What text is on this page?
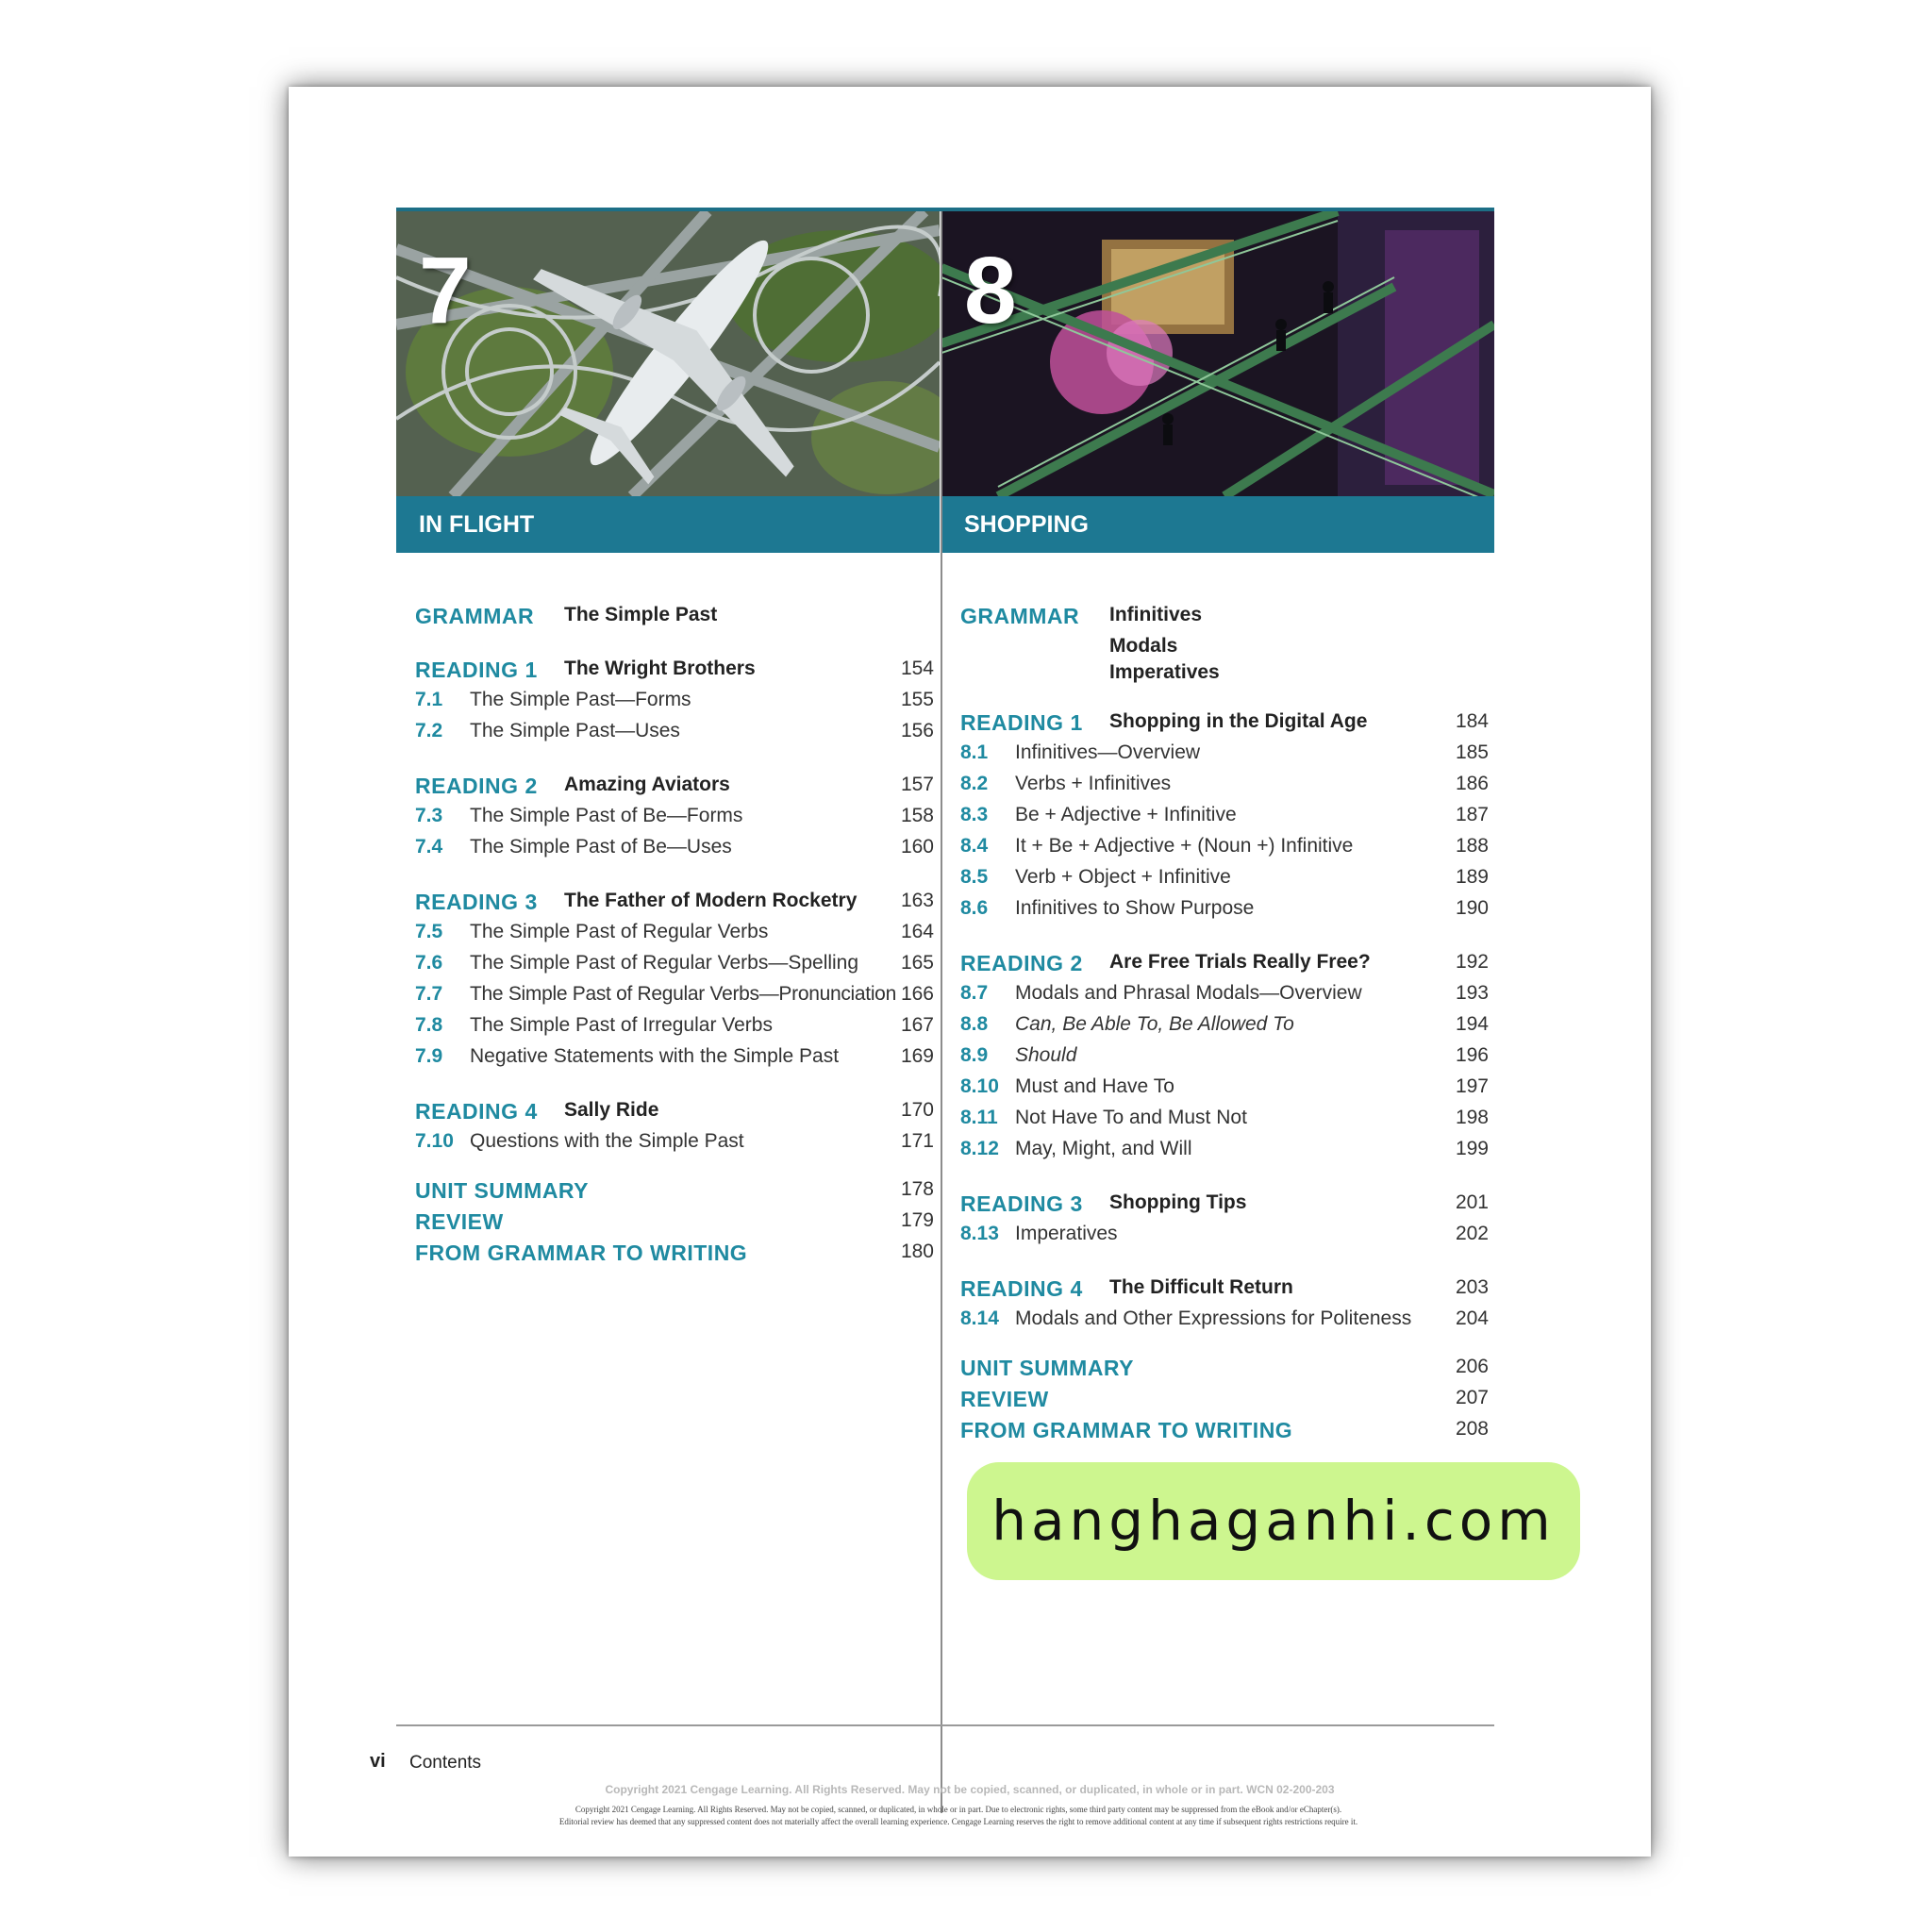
7
IN FLIGHT
8
SHOPPING
GRAMMAR The Simple Past
READING 1 The Wright Brothers	154
7.1 The Simple Past—Forms	155
7.2 The Simple Past—Uses	156
READING 2 Amazing Aviators	157
7.3 The Simple Past of Be—Forms	158
7.4 The Simple Past of Be—Uses	160
READING 3 The Father of Modern Rocketry 163
7.5 The Simple Past of Regular Verbs	164
7.6 The Simple Past of Regular Verbs—Spelling 165
7.7 The Simple Past of Regular Verbs—Pronunciation 166
7.8 The Simple Past of Irregular Verbs	167
7.9 Negative Statements with the Simple Past	169
READING 4 Sally Ride	170
7.10 Questions with the Simple Past	171
UNIT SUMMARY	178
REVIEW	179
FROM GRAMMAR TO WRITING	180
GRAMMAR Infinitives
Modals
Imperatives
READING 1 Shopping in the Digital Age	184
8.1 Infinitives—Overview	185
8.2 Verbs + Infinitives	186
8.3 Be + Adjective + Infinitive	187
8.4 It + Be + Adjective + (Noun +) Infinitive	188
8.5 Verb + Object + Infinitive	189
8.6 Infinitives to Show Purpose	190
READING 2 Are Free Trials Really Free?	192
8.7 Modals and Phrasal Modals—Overview	193
8.8 Can, Be Able To, Be Allowed To	194
8.9 Should	196
8.10 Must and Have To	197
8.11 Not Have To and Must Not	198
8.12 May, Might, and Will	199
READING 3 Shopping Tips	201
8.13 Imperatives	202
READING 4 The Difficult Return	203
8.14 Modals and Other Expressions for Politeness 204
UNIT SUMMARY	206
REVIEW	207
FROM GRAMMAR TO WRITING	208
vi Contents
Copyright 2021 Cengage Learning. All Rights Reserved. May not be copied, scanned, or duplicated, in whole or in part. WCN 02-200-203
Copyright 2021 Cengage Learning. All Rights Reserved. May not be copied, scanned, or duplicated, in whole or in part. Due to electronic rights, some third party content may be suppressed from the eBook and/or eChapter(s).
Editorial review has deemed that any suppressed content does not materially affect the overall learning experience. Cengage Learning reserves the right to remove additional content at any time if subsequent rights restrictions require it.
hanghaganhi.com
